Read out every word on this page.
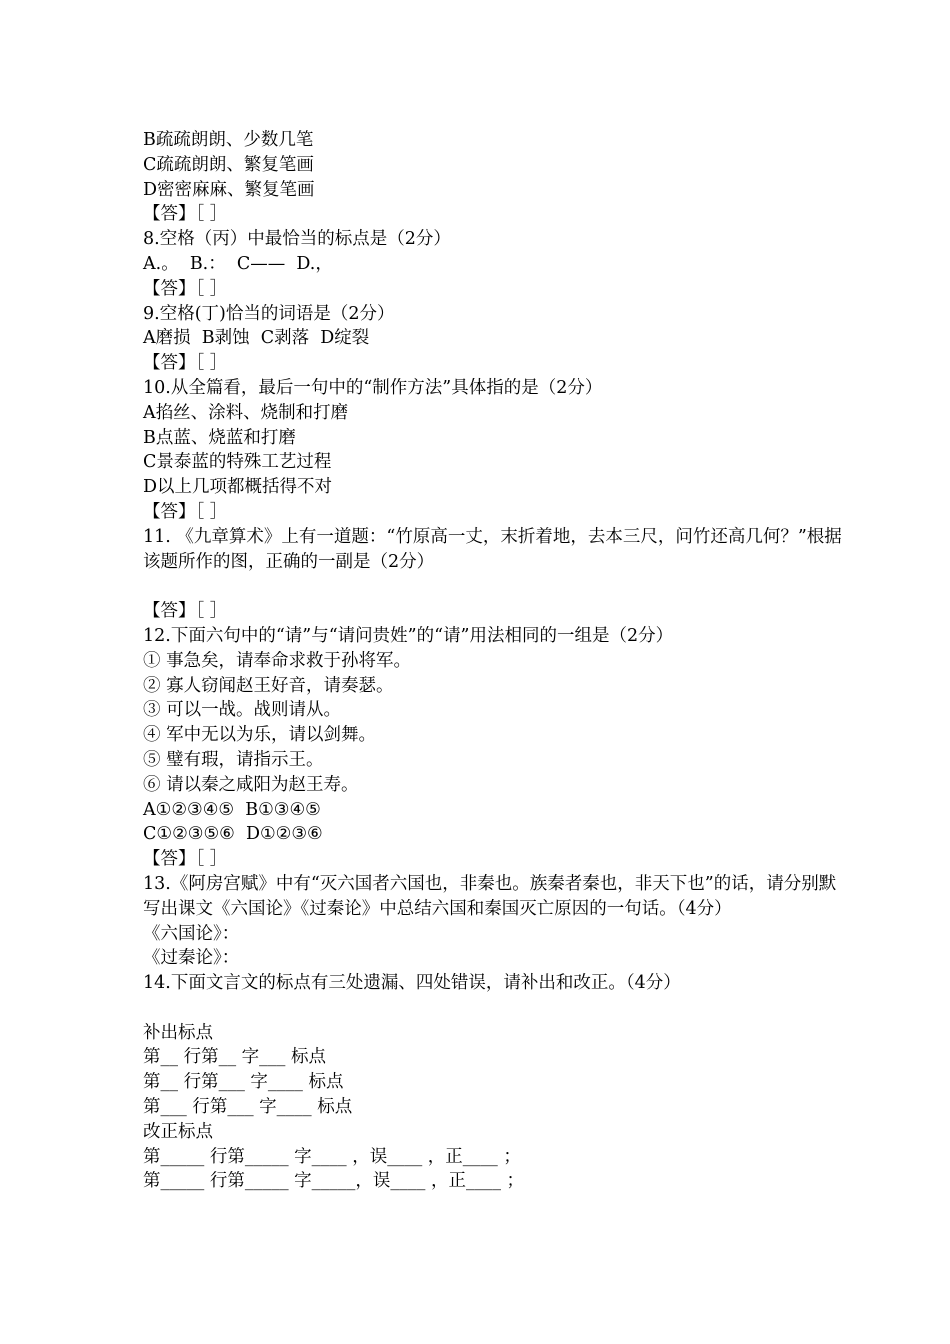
B疏疏朗朗、少数几笔
C疏疏朗朗、繁复笔画
D密密麻麻、繁复笔画
【答】［ ］
8.空格（丙）中最恰当的标点是（2分）
A.。  B.：  C——  D.，
【答】［ ］
9.空格(丁)恰当的词语是（2分）
A磨损  B剥蚀  C剥落  D绽裂
【答】［ ］
10.从全篇看，最后一句中的“制作方法”具体指的是（2分）
A掐丝、涂料、烧制和打磨
B点蓝、烧蓝和打磨
C景泰蓝的特殊工艺过程
D以上几项都概括得不对
【答】［ ］
11. 《九章算术》上有一道题：“竹原高一丈，末折着地，去本三尺，问竹还高几何？”根据该题所作的图，正确的一副是（2分）
【答】［ ］
12.下面六句中的“请”与“请问贵姓”的“请”用法相同的一组是（2分）
① 事急矣，请奉命求救于孙将军。
② 寡人窃闻赵王好音，请奏瑟。
③ 可以一战。战则请从。
④ 军中无以为乐，请以剑舞。
⑤ 璧有瑕，请指示王。
⑥ 请以秦之咸阳为赵王寿。
A①②③④⑤  B①③④⑤
C①②③⑤⑥  D①②③⑥
【答】［ ］
13.《阿房宫赋》中有“灭六国者六国也，非秦也。族秦者秦也，非天下也”的话，请分别默写出课文《六国论》《过秦论》中总结六国和秦国灭亡原因的一句话。（4分）
《六国论》：
《过秦论》：
14.下面文言文的标点有三处遗漏、四处错误，请补出和改正。（4分）
补出标点
第__ 行第__ 字___ 标点
第__ 行第___ 字____ 标点
第___ 行第___ 字____ 标点
改正标点
第_____ 行第_____ 字____ ，误____ ，正____ ；
第_____ 行第_____ 字_____，误____ ，正____ ；
